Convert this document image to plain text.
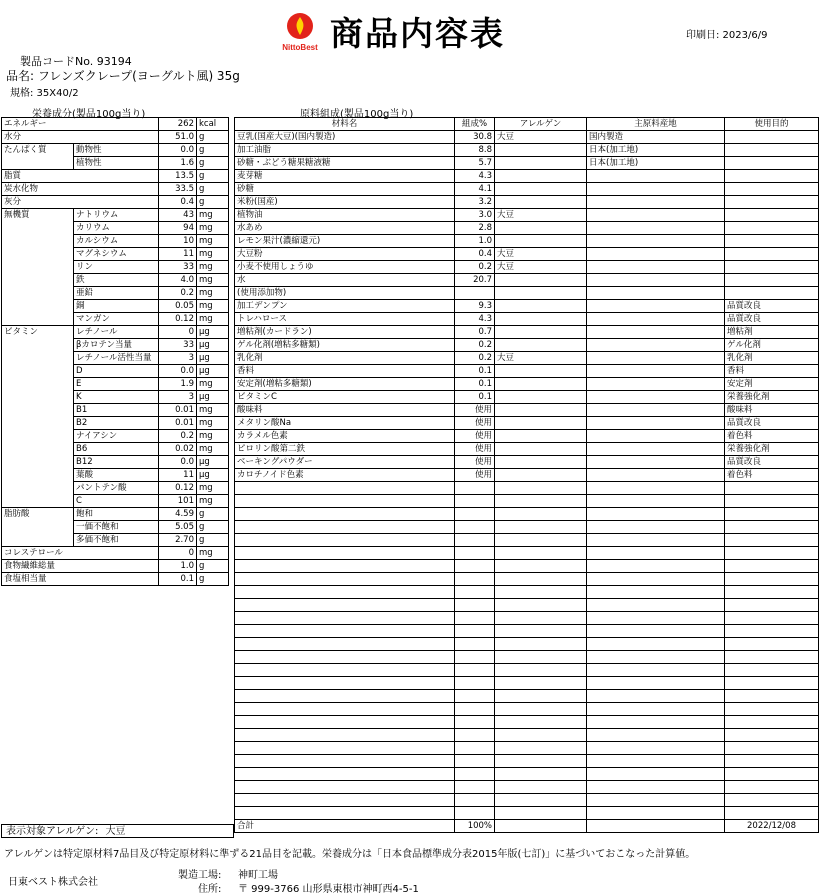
NittoBest 商品内容表	印刷日: 2023/6/9
製品コードNo. 93194
品名: フレンズクレープ(ヨーグルト風) 35g
規格: 35X40/2
栄養成分(製品100g当り)	原料組成(製品100g当り)
エネルギー		262	kcal
水分		51.0	g
たんぱく質	動物性	0.0	g
	植物性	1.6	g
脂質		13.5	g
炭水化物		33.5	g
灰分		0.4	g
無機質	ナトリウム	43	mg
	カリウム	94	mg
	カルシウム	10	mg
	マグネシウム	11	mg
	リン	33	mg
	鉄	4.0	mg
	亜鉛	0.2	mg
	銅	0.05	mg
	マンガン	0.12	mg
ビタミン	レチノール	0	μg
	βカロテン当量	33	μg
	レチノール活性当量	3	μg
	D	0.0	μg
	E	1.9	mg
	K	3	μg
	B1	0.01	mg
	B2	0.01	mg
	ナイアシン	0.2	mg
	B6	0.02	mg
	B12	0.0	μg
	葉酸	11	μg
	パントテン酸	0.12	mg
	C	101	mg
脂肪酸	飽和	4.59	g
	一価不飽和	5.05	g
	多価不飽和	2.70	g
コレステロール		0	mg
食物繊維総量		1.0	g
食塩相当量		0.1	g
材料名	組成%	アレルゲン	主原料産地	使用目的
豆乳(国産大豆)(国内製造)	30.8	大豆	国内製造	
加工油脂	8.8		日本(加工地)	
砂糖・ぶどう糖果糖液糖	5.7		日本(加工地)	
麦芽糖	4.3			
砂糖	4.1			
米粉(国産)	3.2			
植物油	3.0	大豆		
水あめ	2.8			
レモン果汁(濃縮還元)	1.0			
大豆粉	0.4	大豆		
小麦不使用しょうゆ	0.2	大豆		
水	20.7			
(使用添加物)				
加工デンプン	9.3			品質改良
トレハロース	4.3			品質改良
増粘剤(カードラン)	0.7			増粘剤
ゲル化剤(増粘多糖類)	0.2			ゲル化剤
乳化剤	0.2	大豆		乳化剤
香料	0.1			香料
安定剤(増粘多糖類)	0.1			安定剤
ビタミンC	0.1			栄養強化剤
酸味料	使用			酸味料
メタリン酸Na	使用			品質改良
カラメル色素	使用			着色料
ピロリン酸第二鉄	使用			栄養強化剤
ベーキングパウダー	使用			品質改良
カロチノイド色素	使用			着色料

合計	100%			2022/12/08
表示対象アレルゲン: 大豆
アレルゲンは特定原材料7品目及び特定原材料に準ずる21品目を記載。栄養成分は「日本食品標準成分表2015年版(七訂)」に基づいておこなった計算値。
日東ベスト株式会社
製造工場: 神町工場
住所: 〒 999-3766 山形県東根市神町西4-5-1
